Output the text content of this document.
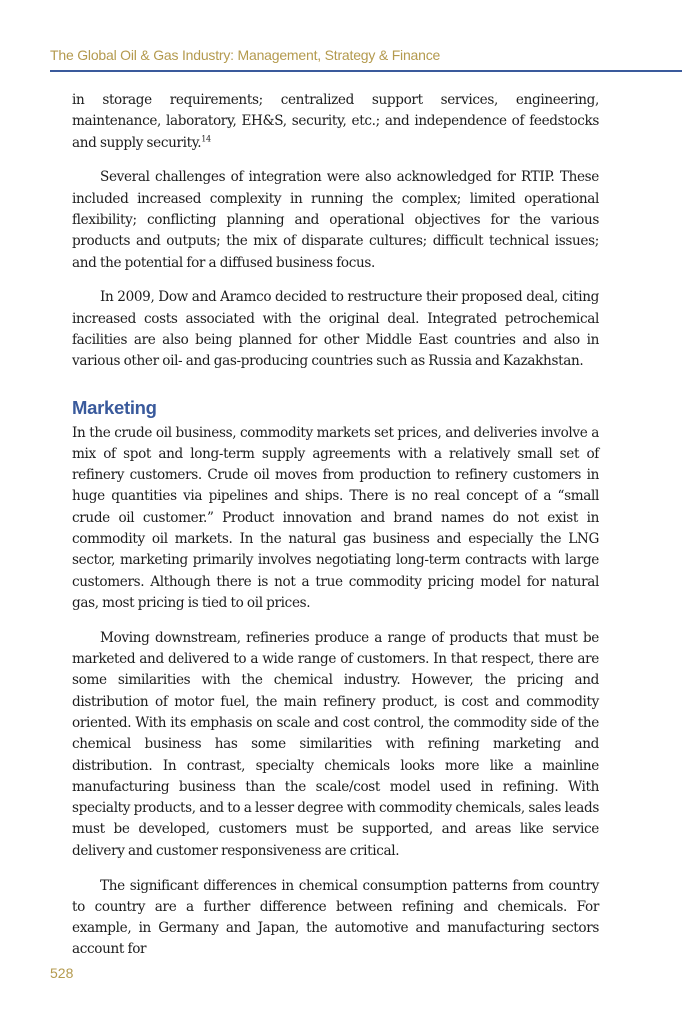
The Global Oil & Gas Industry: Management, Strategy & Finance

in storage requirements; centralized support services, engineering, maintenance, laboratory, EH&S, security, etc.; and independence of feedstocks and supply security.$^{14}$

Several challenges of integration were also acknowledged for RTIP. These included increased complexity in running the complex; limited operational flexibility; conflicting planning and operational objectives for the various products and outputs; the mix of disparate cultures; difficult technical issues; and the potential for a diffused business focus.

In 2009, Dow and Aramco decided to restructure their proposed deal, citing increased costs associated with the original deal. Integrated petrochemical facilities are also being planned for other Middle East countries and also in various other oil- and gas-producing countries such as Russia and Kazakhstan.

Marketing

In the crude oil business, commodity markets set prices, and deliveries involve a mix of spot and long-term supply agreements with a relatively small set of refinery customers. Crude oil moves from production to refinery customers in huge quantities via pipelines and ships. There is no real concept of a “small crude oil customer.” Product innovation and brand names do not exist in commodity oil markets. In the natural gas business and especially the LNG sector, marketing primarily involves negotiating long-term contracts with large customers. Although there is not a true commodity pricing model for natural gas, most pricing is tied to oil prices.

Moving downstream, refineries produce a range of products that must be marketed and delivered to a wide range of customers. In that respect, there are some similarities with the chemical industry. However, the pricing and distribution of motor fuel, the main refinery product, is cost and commodity oriented. With its emphasis on scale and cost control, the commodity side of the chemical business has some similarities with refining marketing and distribution. In contrast, specialty chemicals looks more like a mainline manufacturing business than the scale/cost model used in refining. With specialty products, and to a lesser degree with commodity chemicals, sales leads must be developed, customers must be supported, and areas like service delivery and customer responsiveness are critical.

The significant differences in chemical consumption patterns from country to country are a further difference between refining and chemicals. For example, in Germany and Japan, the automotive and manufacturing sectors account for

528
